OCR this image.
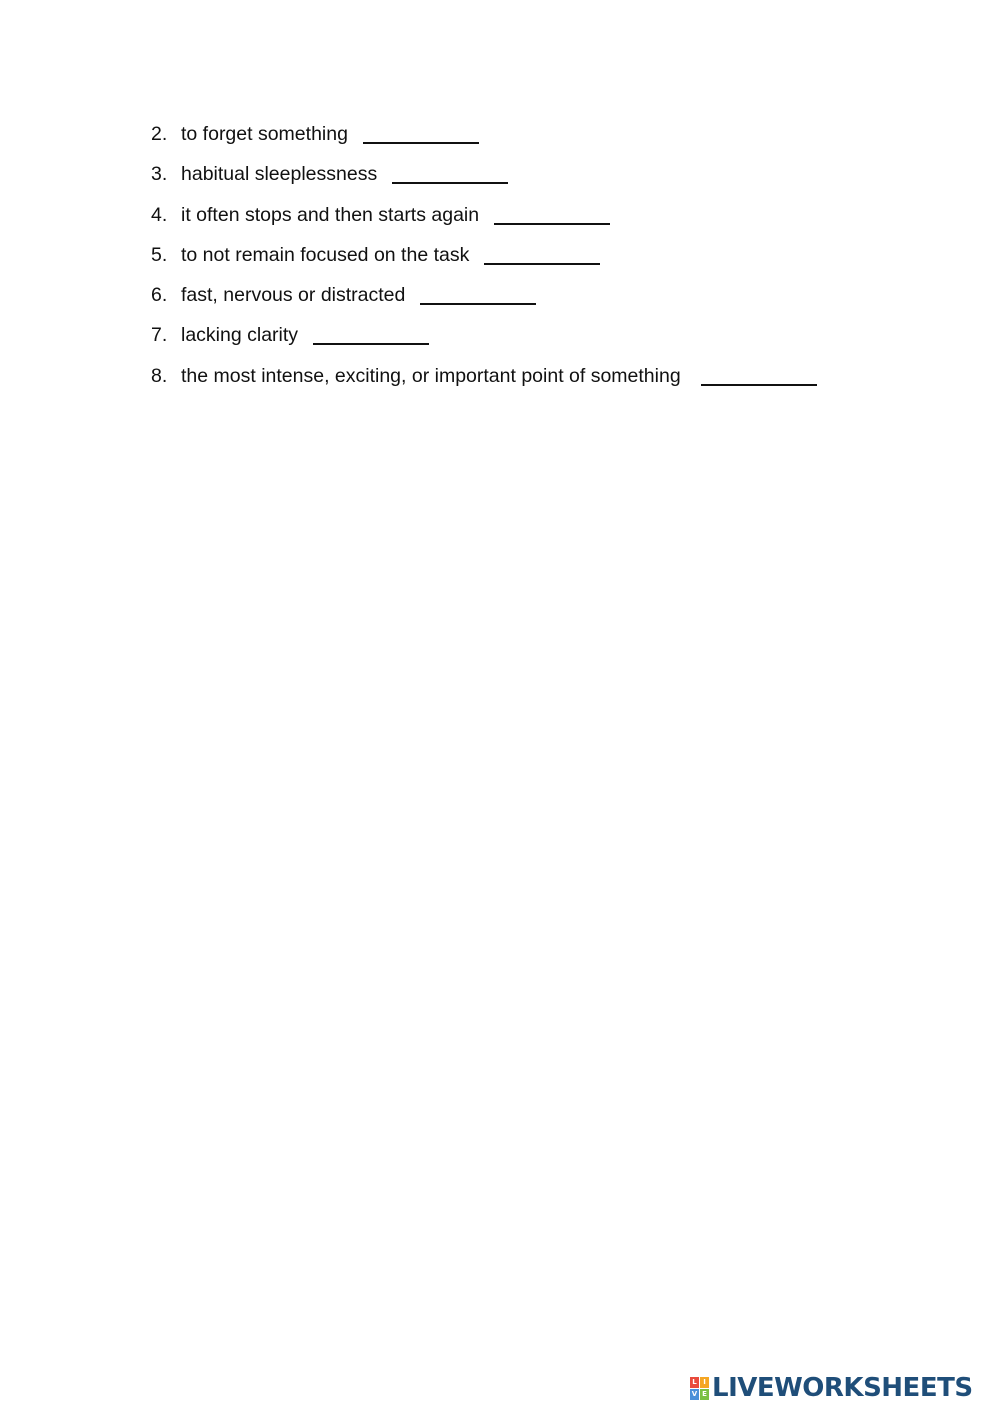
2. to forget something
3. habitual sleeplessness
4. it often stops and then starts again
5. to not remain focused on the task
6. fast, nervous or distracted
7. lacking clarity
8. the most intense, exciting, or important point of something
L I
V E LIVEWORKSHEETS
